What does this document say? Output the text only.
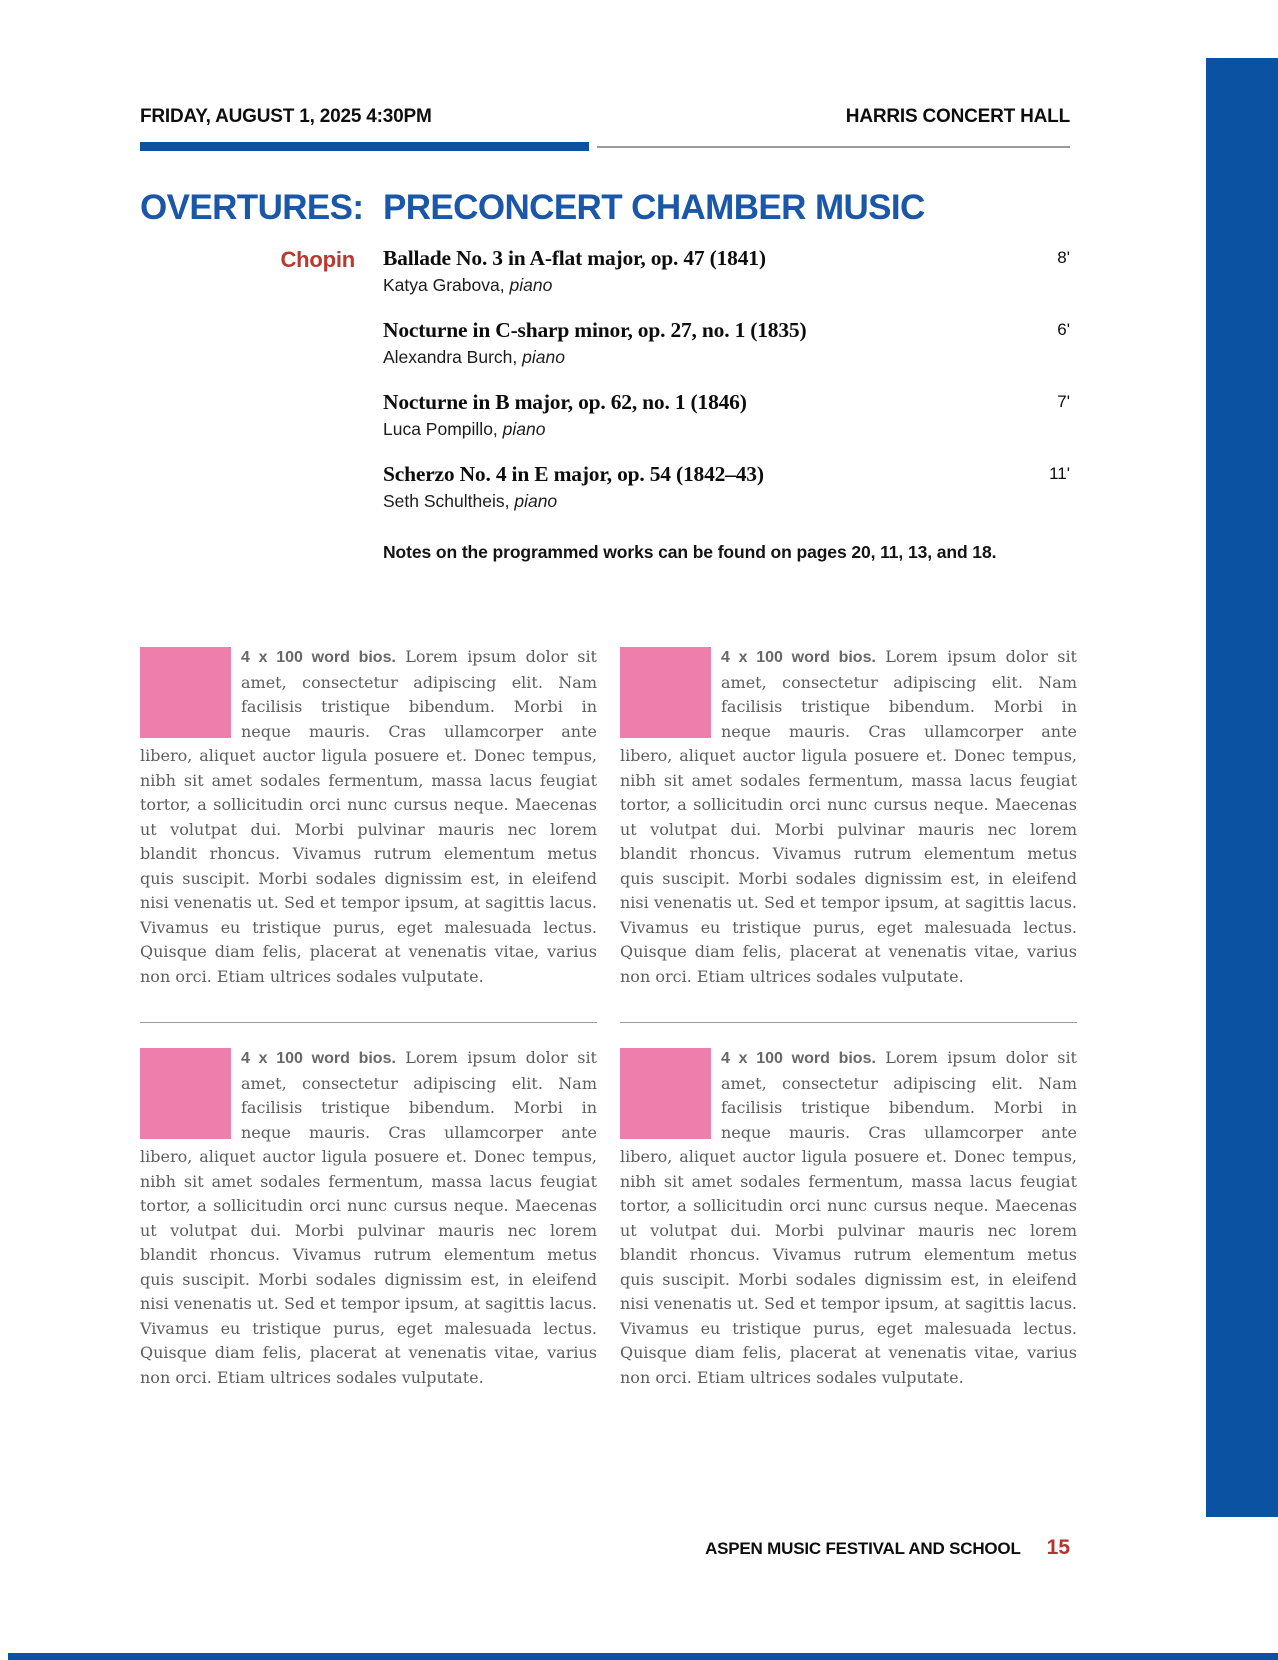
FRIDAY, AUGUST 1, 2025 4:30PM	HARRIS CONCERT HALL
OVERTURES: PRECONCERT CHAMBER MUSIC
Chopin Ballade No. 3 in A-flat major, op. 47 (1841)	8'
Katya Grabova, piano
Nocturne in C-sharp minor, op. 27, no. 1 (1835)	6'
Alexandra Burch, piano
Nocturne in B major, op. 62, no. 1 (1846)	7'
Luca Pompillo, piano
Scherzo No. 4 in E major, op. 54 (1842–43)	11'
Seth Schultheis, piano
Notes on the programmed works can be found on pages 20, 11, 13, and 18.

4 x 100 word bios. Lorem ipsum dolor sit amet, consectetur adipiscing elit. Nam facilisis tristique bibendum. Morbi in neque mauris. Cras ullamcorper ante libero, aliquet auctor ligula posuere et. Donec tempus, nibh sit amet sodales fermentum, massa lacus feugiat tortor, a sollicitudin orci nunc cursus neque. Maecenas ut volutpat dui. Morbi pulvinar mauris nec lorem blandit rhoncus. Vivamus rutrum elementum metus quis suscipit. Morbi sodales dignissim est, in eleifend nisi venenatis ut. Sed et tempor ipsum, at sagittis lacus. Vivamus eu tristique purus, eget malesuada lectus. Quisque diam felis, placerat at venenatis vitae, varius non orci. Etiam ultrices sodales vulputate.

4 x 100 word bios. Lorem ipsum dolor sit amet, consectetur adipiscing elit. Nam facilisis tristique bibendum. Morbi in neque mauris. Cras ullamcorper ante libero, aliquet auctor ligula posuere et. Donec tempus, nibh sit amet sodales fermentum, massa lacus feugiat tortor, a sollicitudin orci nunc cursus neque. Maecenas ut volutpat dui. Morbi pulvinar mauris nec lorem blandit rhoncus. Vivamus rutrum elementum metus quis suscipit. Morbi sodales dignissim est, in eleifend nisi venenatis ut. Sed et tempor ipsum, at sagittis lacus. Vivamus eu tristique purus, eget malesuada lectus. Quisque diam felis, placerat at venenatis vitae, varius non orci. Etiam ultrices sodales vulputate.

4 x 100 word bios. Lorem ipsum dolor sit amet, consectetur adipiscing elit. Nam facilisis tristique bibendum. Morbi in neque mauris. Cras ullamcorper ante libero, aliquet auctor ligula posuere et. Donec tempus, nibh sit amet sodales fermentum, massa lacus feugiat tortor, a sollicitudin orci nunc cursus neque. Maecenas ut volutpat dui. Morbi pulvinar mauris nec lorem blandit rhoncus. Vivamus rutrum elementum metus quis suscipit. Morbi sodales dignissim est, in eleifend nisi venenatis ut. Sed et tempor ipsum, at sagittis lacus. Vivamus eu tristique purus, eget malesuada lectus. Quisque diam felis, placerat at venenatis vitae, varius non orci. Etiam ultrices sodales vulputate.

4 x 100 word bios. Lorem ipsum dolor sit amet, consectetur adipiscing elit. Nam facilisis tristique bibendum. Morbi in neque mauris. Cras ullamcorper ante libero, aliquet auctor ligula posuere et. Donec tempus, nibh sit amet sodales fermentum, massa lacus feugiat tortor, a sollicitudin orci nunc cursus neque. Maecenas ut volutpat dui. Morbi pulvinar mauris nec lorem blandit rhoncus. Vivamus rutrum elementum metus quis suscipit. Morbi sodales dignissim est, in eleifend nisi venenatis ut. Sed et tempor ipsum, at sagittis lacus. Vivamus eu tristique purus, eget malesuada lectus. Quisque diam felis, placerat at venenatis vitae, varius non orci. Etiam ultrices sodales vulputate.

ASPEN MUSIC FESTIVAL AND SCHOOL 15
